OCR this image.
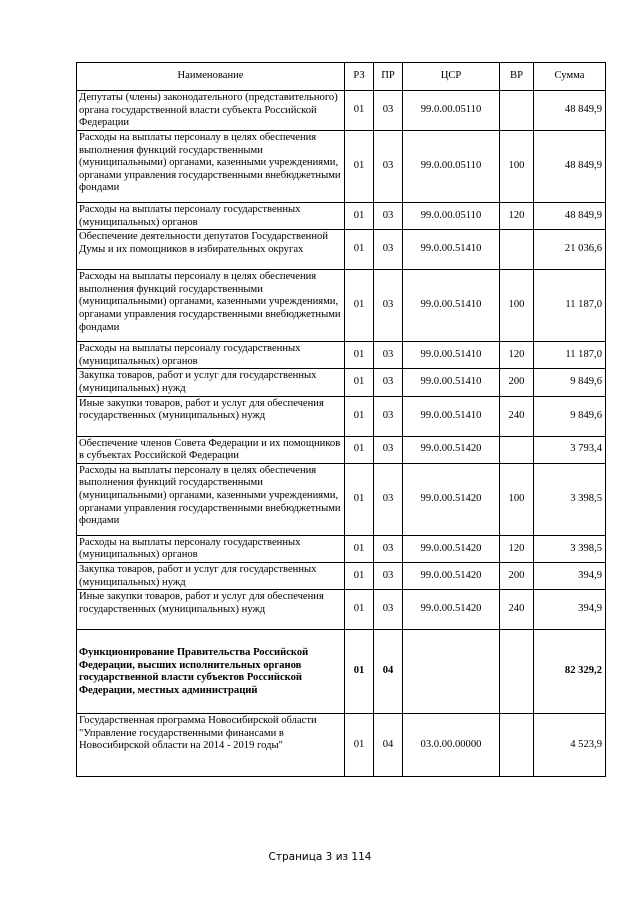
Наименование	РЗ	ПР	ЦСР	ВР	Сумма
Депутаты (члены) законодательного (представительного) органа государственной власти субъекта Российской Федерации	01	03	99.0.00.05110		48 849,9
Расходы на выплаты персоналу в целях обеспечения выполнения функций государственными (муниципальными) органами, казенными учреждениями, органами управления государственными внебюджетными фондами	01	03	99.0.00.05110	100	48 849,9
Расходы на выплаты персоналу государственных (муниципальных) органов	01	03	99.0.00.05110	120	48 849,9
Обеспечение деятельности депутатов Государственной Думы и их помощников в избирательных округах	01	03	99.0.00.51410		21 036,6
Расходы на выплаты персоналу в целях обеспечения выполнения функций государственными (муниципальными) органами, казенными учреждениями, органами управления государственными внебюджетными фондами	01	03	99.0.00.51410	100	11 187,0
Расходы на выплаты персоналу государственных (муниципальных) органов	01	03	99.0.00.51410	120	11 187,0
Закупка товаров, работ и услуг для государственных (муниципальных) нужд	01	03	99.0.00.51410	200	9 849,6
Иные закупки товаров, работ и услуг для обеспечения государственных (муниципальных) нужд	01	03	99.0.00.51410	240	9 849,6
Обеспечение членов Совета Федерации и их помощников в субъектах Российской Федерации	01	03	99.0.00.51420		3 793,4
Расходы на выплаты персоналу в целях обеспечения выполнения функций государственными (муниципальными) органами, казенными учреждениями, органами управления государственными внебюджетными фондами	01	03	99.0.00.51420	100	3 398,5
Расходы на выплаты персоналу государственных (муниципальных) органов	01	03	99.0.00.51420	120	3 398,5
Закупка товаров, работ и услуг для государственных (муниципальных) нужд	01	03	99.0.00.51420	200	394,9
Иные закупки товаров, работ и услуг для обеспечения государственных (муниципальных) нужд	01	03	99.0.00.51420	240	394,9
Функционирование Правительства Российской Федерации, высших исполнительных органов государственной власти субъектов Российской Федерации, местных администраций	01	04			82 329,2
Государственная программа Новосибирской области "Управление государственными финансами в Новосибирской области на 2014 - 2019 годы"	01	04	03.0.00.00000		4 523,9
Страница 3 из 114
